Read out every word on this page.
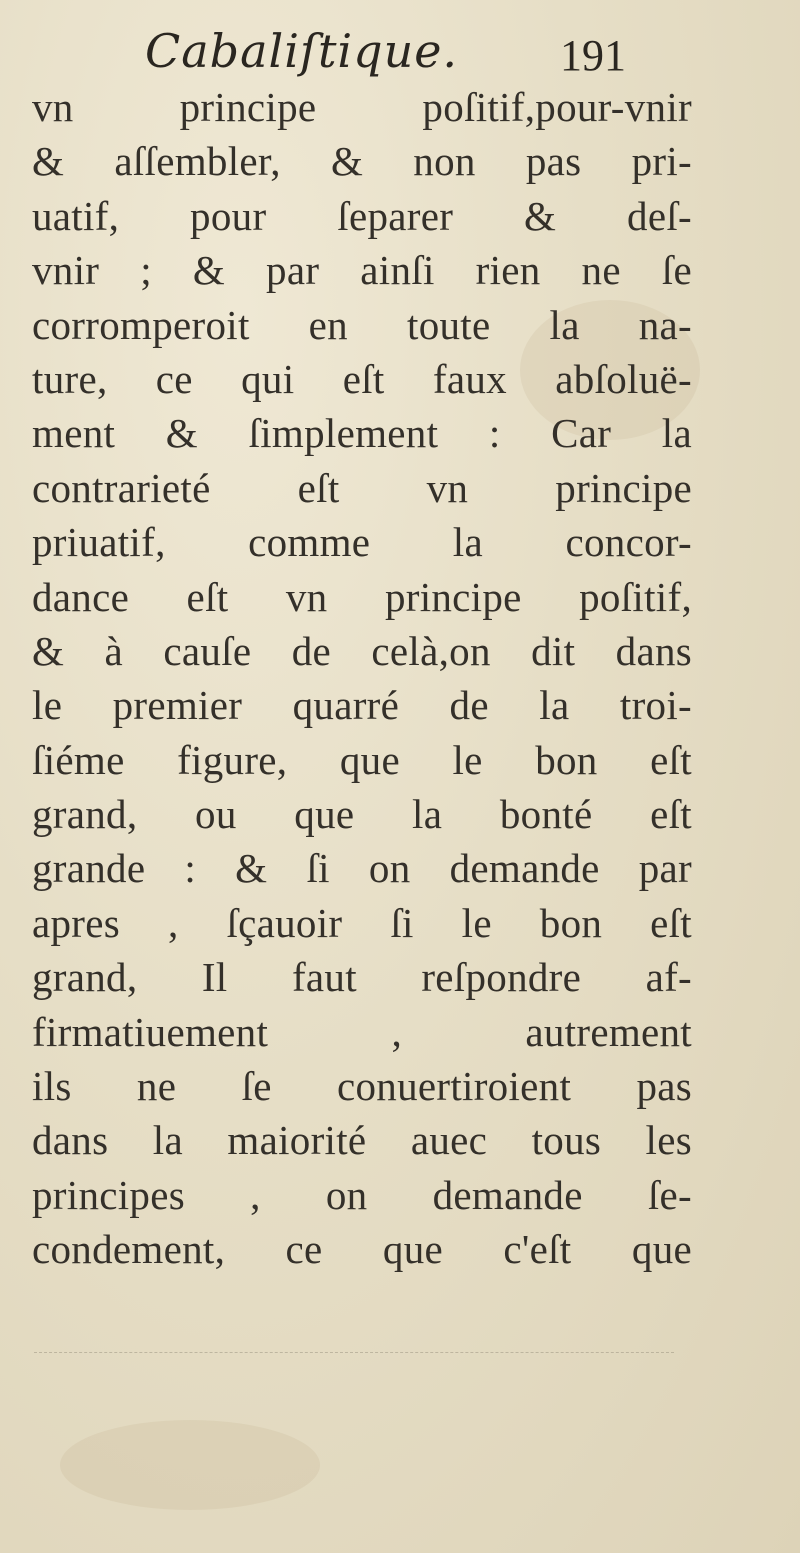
Cabaliſtique. 191
vn principe poſitif,pour-vnir
& aſſembler, & non pas pri-
uatif, pour ſeparer & deſ-
vnir ; & par ainſi rien ne ſe
corromperoit en toute la na-
ture, ce qui eſt faux abſoluë-
ment & ſimplement : Car la
contrarieté eſt vn principe
priuatif, comme la concor-
dance eſt vn principe poſitif,
& à cauſe de celà,on dit dans
le premier quarré de la troi-
ſiéme figure, que le bon eſt
grand, ou que la bonté eſt
grande : & ſi on demande par
apres , ſçauoir ſi le bon eſt
grand, Il faut reſpondre af-
firmatiuement , autrement
ils ne ſe conuertiroient pas
dans la maiorité auec tous les
principes , on demande ſe-
condement, ce que c'eſt que
